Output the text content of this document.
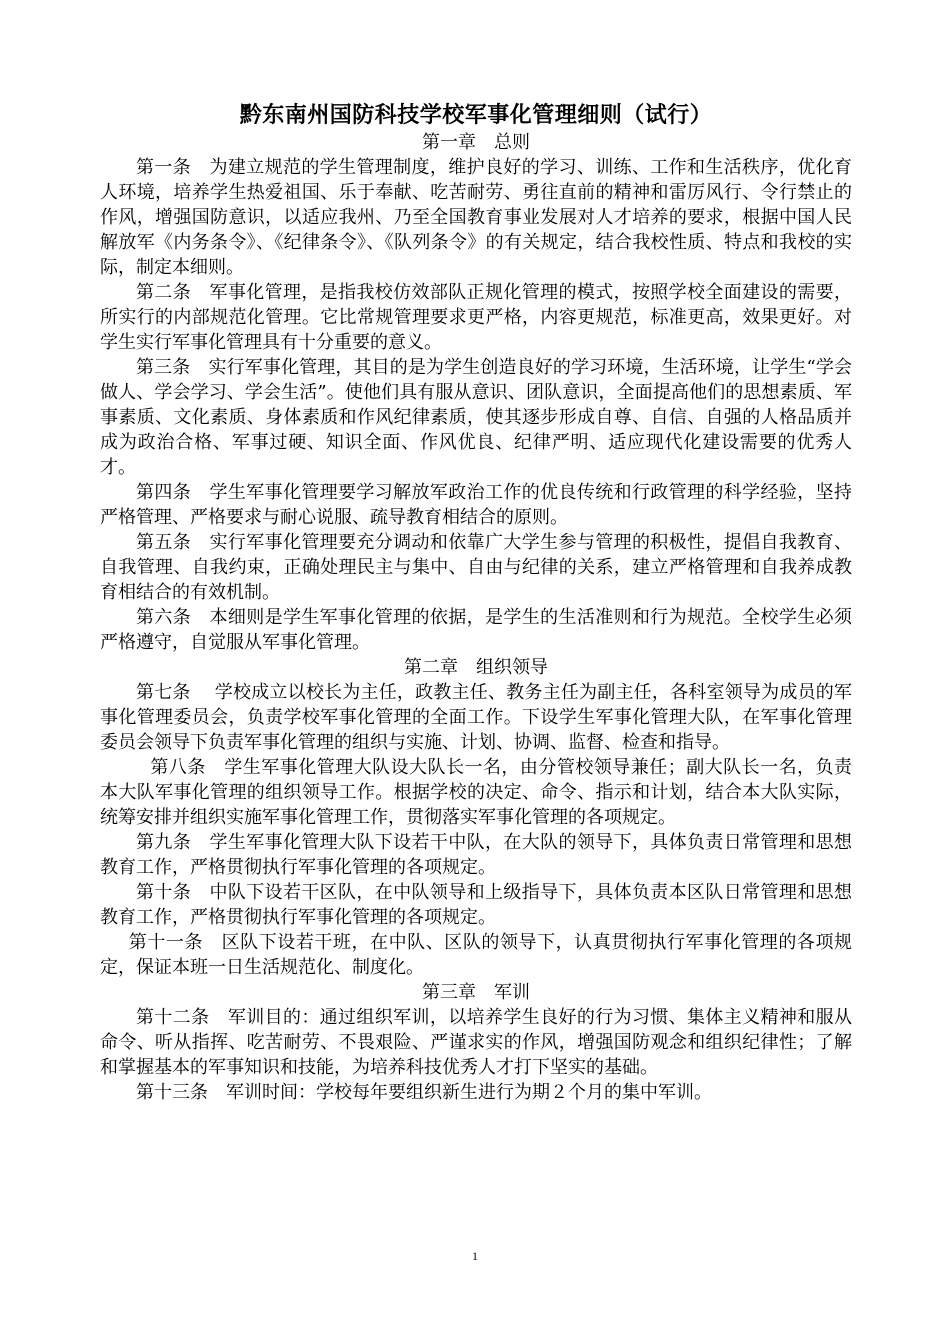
黔东南州国防科技学校军事化管理细则（试行）
第一章　总则

第一条　为建立规范的学生管理制度，维护良好的学习、训练、工作和生活秩序，优化育人环境，培养学生热爱祖国、乐于奉献、吃苦耐劳、勇往直前的精神和雷厉风行、令行禁止的作风，增强国防意识，以适应我州、乃至全国教育事业发展对人才培养的要求，根据中国人民解放军《内务条令》、《纪律条令》、《队列条令》的有关规定，结合我校性质、特点和我校的实际，制定本细则。

第二条　军事化管理，是指我校仿效部队正规化管理的模式，按照学校全面建设的需要，所实行的内部规范化管理。它比常规管理要求更严格，内容更规范，标准更高，效果更好。对学生实行军事化管理具有十分重要的意义。

第三条　实行军事化管理，其目的是为学生创造良好的学习环境，生活环境，让学生“学会做人、学会学习、学会生活”。使他们具有服从意识、团队意识，全面提高他们的思想素质、军事素质、文化素质、身体素质和作风纪律素质，使其逐步形成自尊、自信、自强的人格品质并成为政治合格、军事过硬、知识全面、作风优良、纪律严明、适应现代化建设需要的优秀人才。

第四条　学生军事化管理要学习解放军政治工作的优良传统和行政管理的科学经验，坚持严格管理、严格要求与耐心说服、疏导教育相结合的原则。

第五条　实行军事化管理要充分调动和依靠广大学生参与管理的积极性，提倡自我教育、自我管理、自我约束，正确处理民主与集中、自由与纪律的关系，建立严格管理和自我养成教育相结合的有效机制。

第六条　本细则是学生军事化管理的依据，是学生的生活准则和行为规范。全校学生必须严格遵守，自觉服从军事化管理。

第二章　组织领导

第七条　 学校成立以校长为主任，政教主任、教务主任为副主任，各科室领导为成员的军事化管理委员会，负责学校军事化管理的全面工作。下设学生军事化管理大队，在军事化管理委员会领导下负责军事化管理的组织与实施、计划、协调、监督、检查和指导。

第八条　学生军事化管理大队设大队长一名，由分管校领导兼任；副大队长一名，负责本大队军事化管理的组织领导工作。根据学校的决定、命令、指示和计划，结合本大队实际，统筹安排并组织实施军事化管理工作，贯彻落实军事化管理的各项规定。

第九条　学生军事化管理大队下设若干中队，在大队的领导下，具体负责日常管理和思想教育工作，严格贯彻执行军事化管理的各项规定。

第十条　中队下设若干区队，在中队领导和上级指导下，具体负责本区队日常管理和思想教育工作，严格贯彻执行军事化管理的各项规定。

第十一条　区队下设若干班，在中队、区队的领导下，认真贯彻执行军事化管理的各项规定，保证本班一日生活规范化、制度化。

第三章　军训

第十二条　军训目的：通过组织军训，以培养学生良好的行为习惯、集体主义精神和服从命令、听从指挥、吃苦耐劳、不畏艰险、严谨求实的作风，增强国防观念和组织纪律性；了解和掌握基本的军事知识和技能，为培养科技优秀人才打下坚实的基础。

第十三条　军训时间：学校每年要组织新生进行为期２个月的集中军训。

1
